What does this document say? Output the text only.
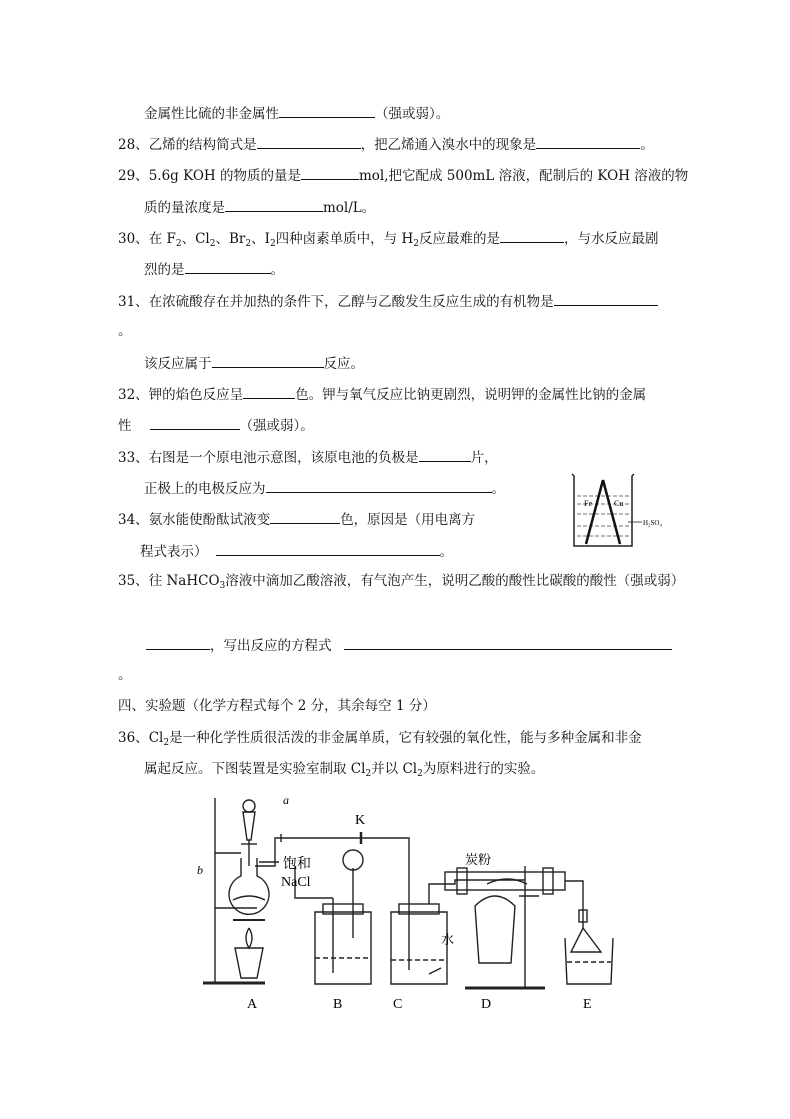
金属性比硫的非金属性	（强或弱）。
28、乙烯的结构简式是	，把乙烯通入溴水中的现象是	。
29、5.6g KOH 的物质的量是	mol,把它配成 500mL 溶液，配制后的 KOH 溶液的物
质的量浓度是	mol/L。
30、在 $F_2$、$Cl_2$、$Br_2$、$I_2$四种卤素单质中，与 $H_2$反应最难的是	，与水反应最剧
烈的是	。
31、在浓硫酸存在并加热的条件下，乙醇与乙酸发生反应生成的有机物是
。
该反应属于	反应。
32、钾的焰色反应呈	色。钾与氧气反应比钠更剧烈，说明钾的金属性比钠的金属
性	（强或弱）。
33、右图是一个原电池示意图，该原电池的负极是	片，
正极上的电极反应为	。
34、氨水能使酚酞试液变	色，原因是（用电离方
程式表示）	。
Fe	Cu
H₂SO₄
35、往 NaHCO$_3$溶液中滴加乙酸溶液，有气泡产生，说明乙酸的酸性比碳酸的酸性（强或弱）
，写出反应的方程式
。
四、实验题（化学方程式每个 2 分，其余每空 1 分）
36、$Cl_2$是一种化学性质很活泼的非金属单质，它有较强的氧化性，能与多种金属和非金
属起反应。下图装置是实验室制取 $Cl_2$并以 $Cl_2$为原料进行的实验。
a
b
K
饱和
NaCl
水
炭粉
A	B	C	D	E
